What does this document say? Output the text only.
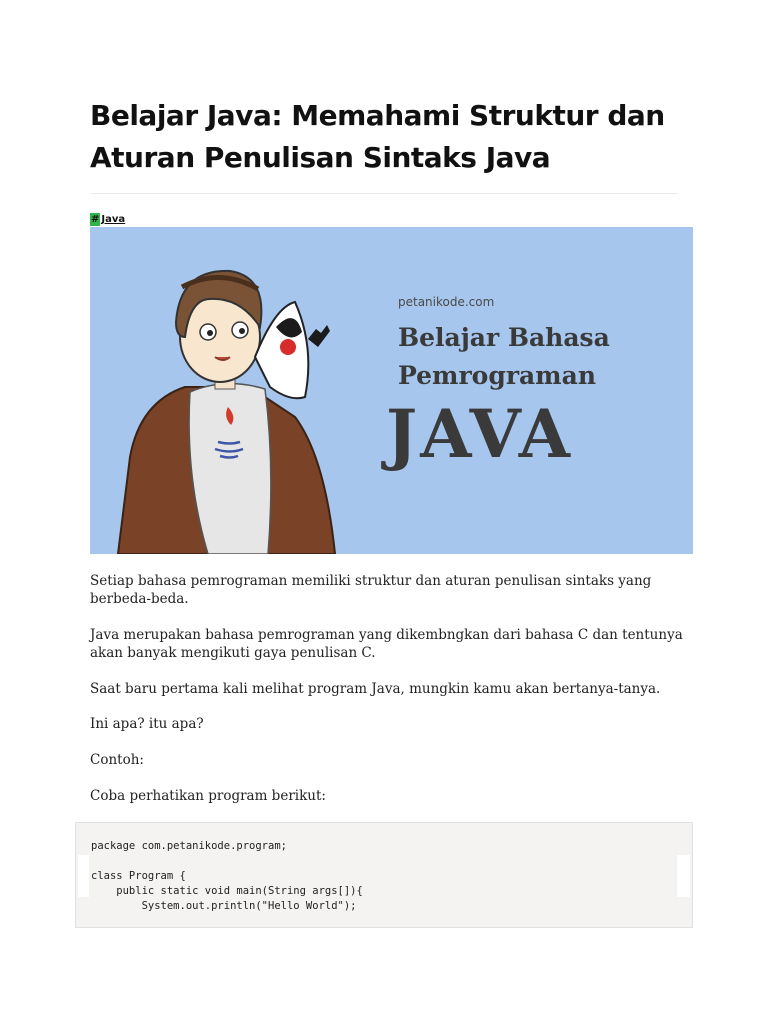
Belajar Java: Memahami Struktur dan
Aturan Penulisan Sintaks Java
# Java
petanikode.com
Belajar Bahasa
Pemrograman
JAVA

Setiap bahasa pemrograman memiliki struktur dan aturan penulisan sintaks yang berbeda-beda.

Java merupakan bahasa pemrograman yang dikembngkan dari bahasa C dan tentunya akan banyak mengikuti gaya penulisan C.

Saat baru pertama kali melihat program Java, mungkin kamu akan bertanya-tanya.

Ini apa? itu apa?

Contoh:

Coba perhatikan program berikut:

package com.petanikode.program;

class Program {
public static void main(String args[]){
System.out.println("Hello World");
